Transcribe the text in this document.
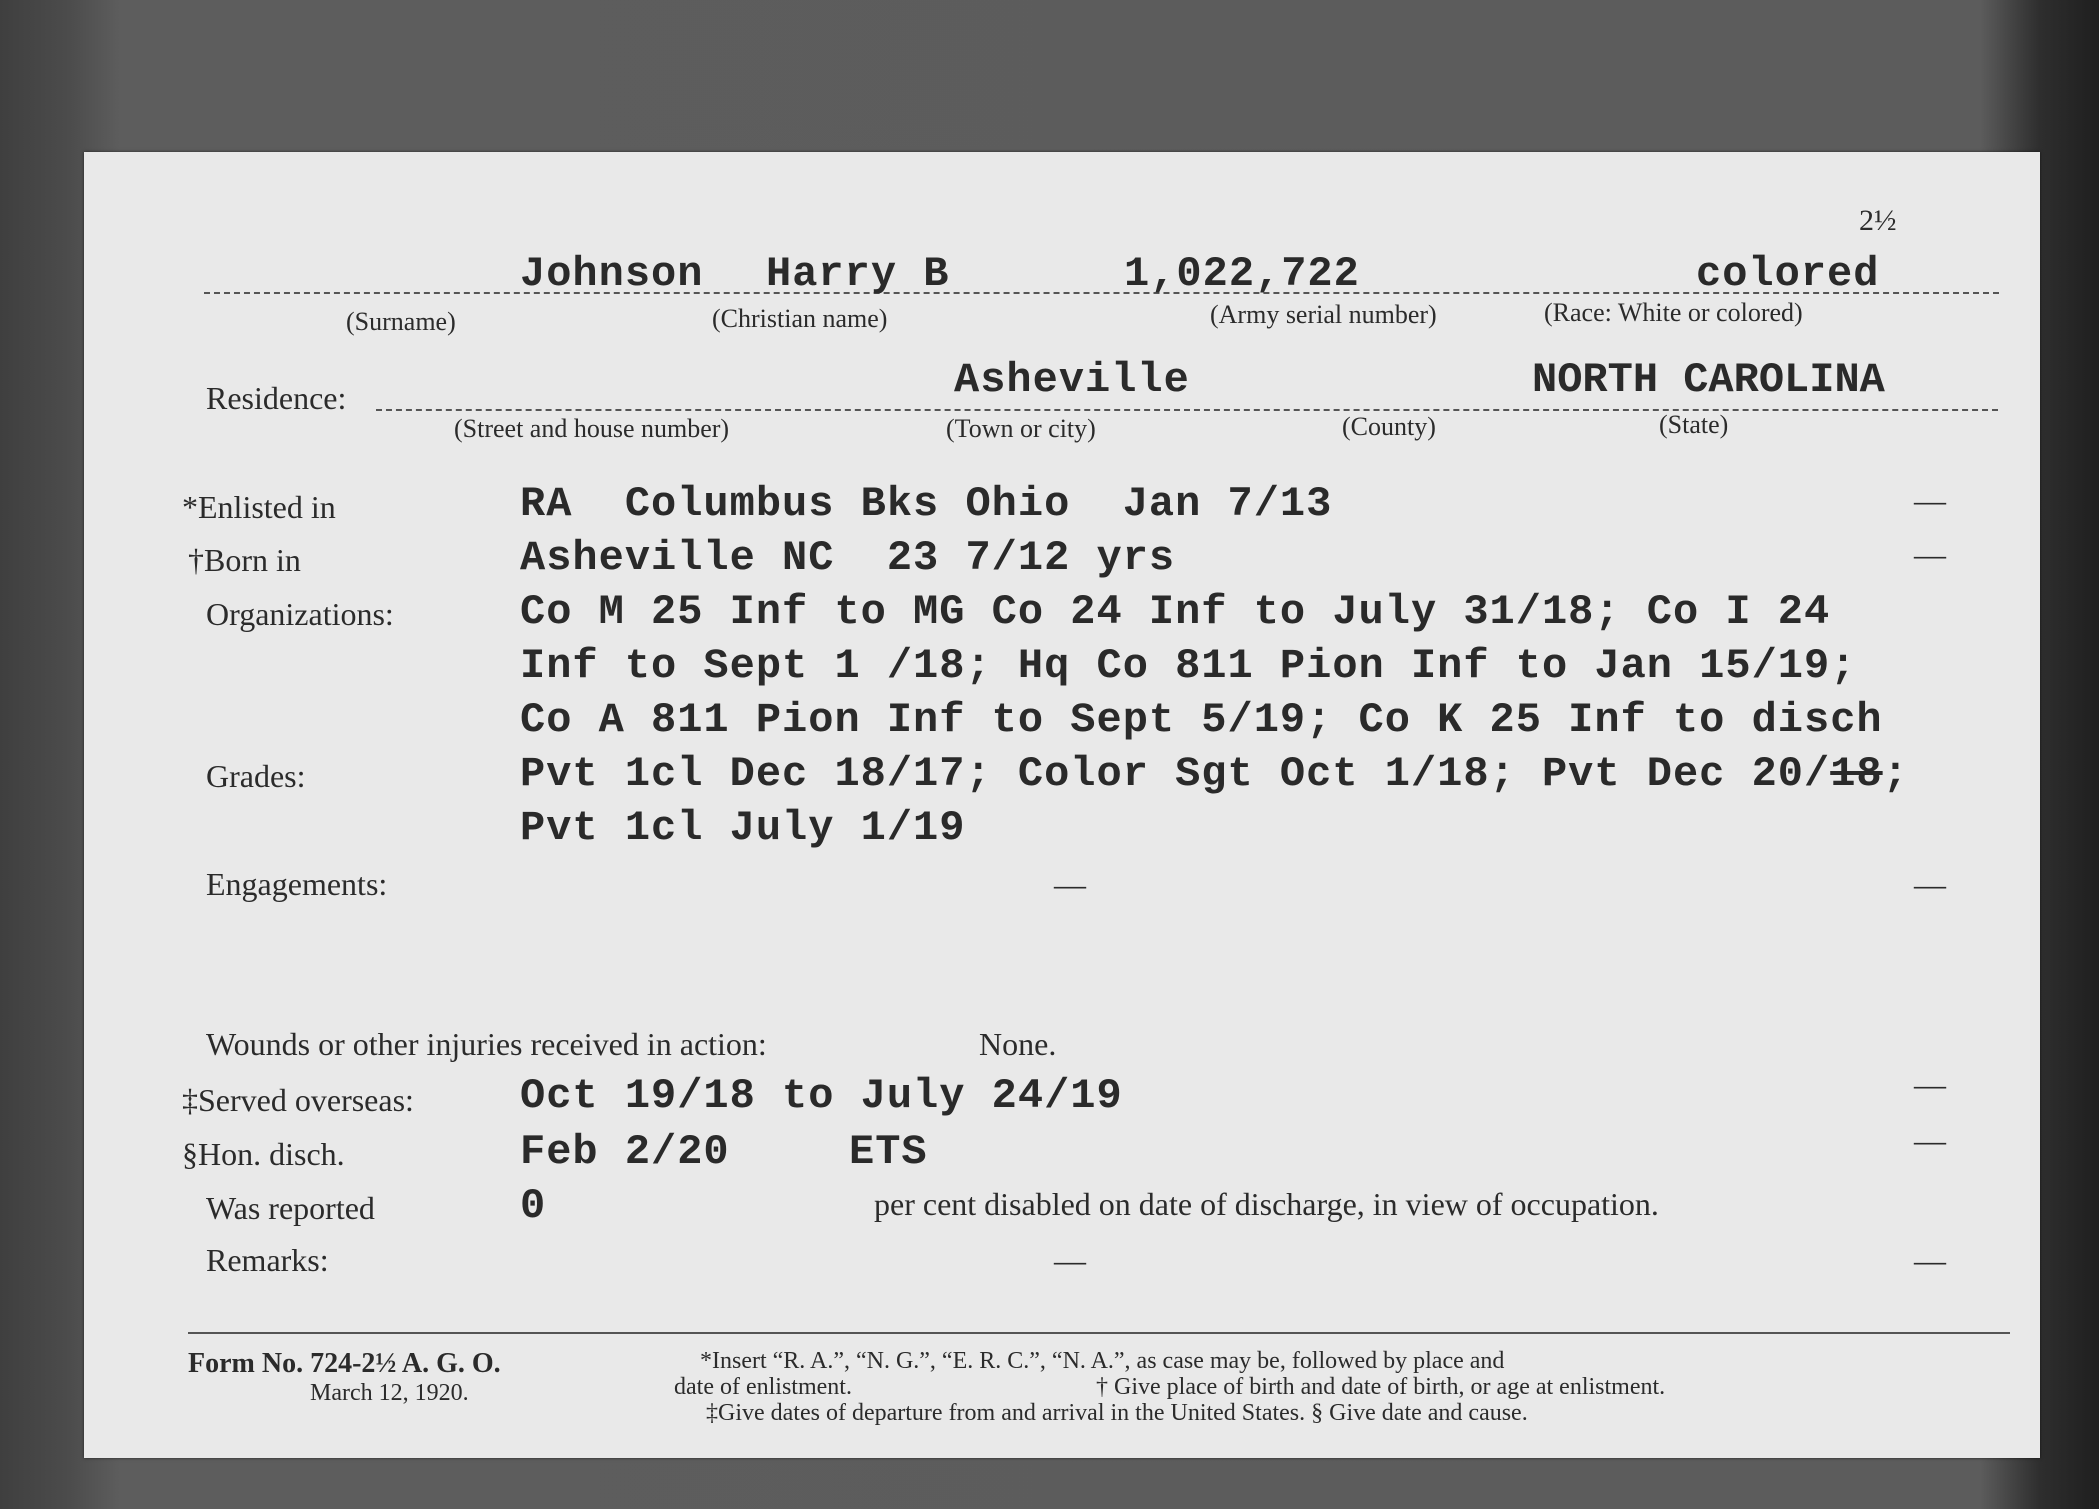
2½
Johnson Harry B	1,022,722	colored
(Surname)	(Christian name)	(Army serial number)	(Race: White or colored)
Residence:	Asheville	NORTH CAROLINA
(Street and house number)	(Town or city)	(County)	(State)
*Enlisted in	RA  Columbus Bks Ohio  Jan 7/13	—
†Born in	Asheville NC  23 7/12 yrs	—
Organizations:	Co M 25 Inf to MG Co 24 Inf to July 31/18; Co I 24
Inf to Sept 1 /18; Hq Co 811 Pion Inf to Jan 15/19;
Co A 811 Pion Inf to Sept 5/19; Co K 25 Inf to disch
Grades:	Pvt 1cl Dec 18/17; Color Sgt Oct 1/18; Pvt Dec 20/18;
Pvt 1cl July 1/19
Engagements:	—	—
Wounds or other injuries received in action:	None.
‡Served overseas:	Oct 19/18 to July 24/19	—
§Hon. disch.	Feb 2/20	ETS	—
Was reported	0	per cent disabled on date of discharge, in view of occupation.
Remarks:	—	—
Form No. 724-2½ A. G. O.
March 12, 1920.
*Insert “R. A.”, “N. G.”, “E. R. C.”, “N. A.”, as case may be, followed by place and
date of enlistment.	† Give place of birth and date of birth, or age at enlistment.
‡Give dates of departure from and arrival in the United States. § Give date and cause.
